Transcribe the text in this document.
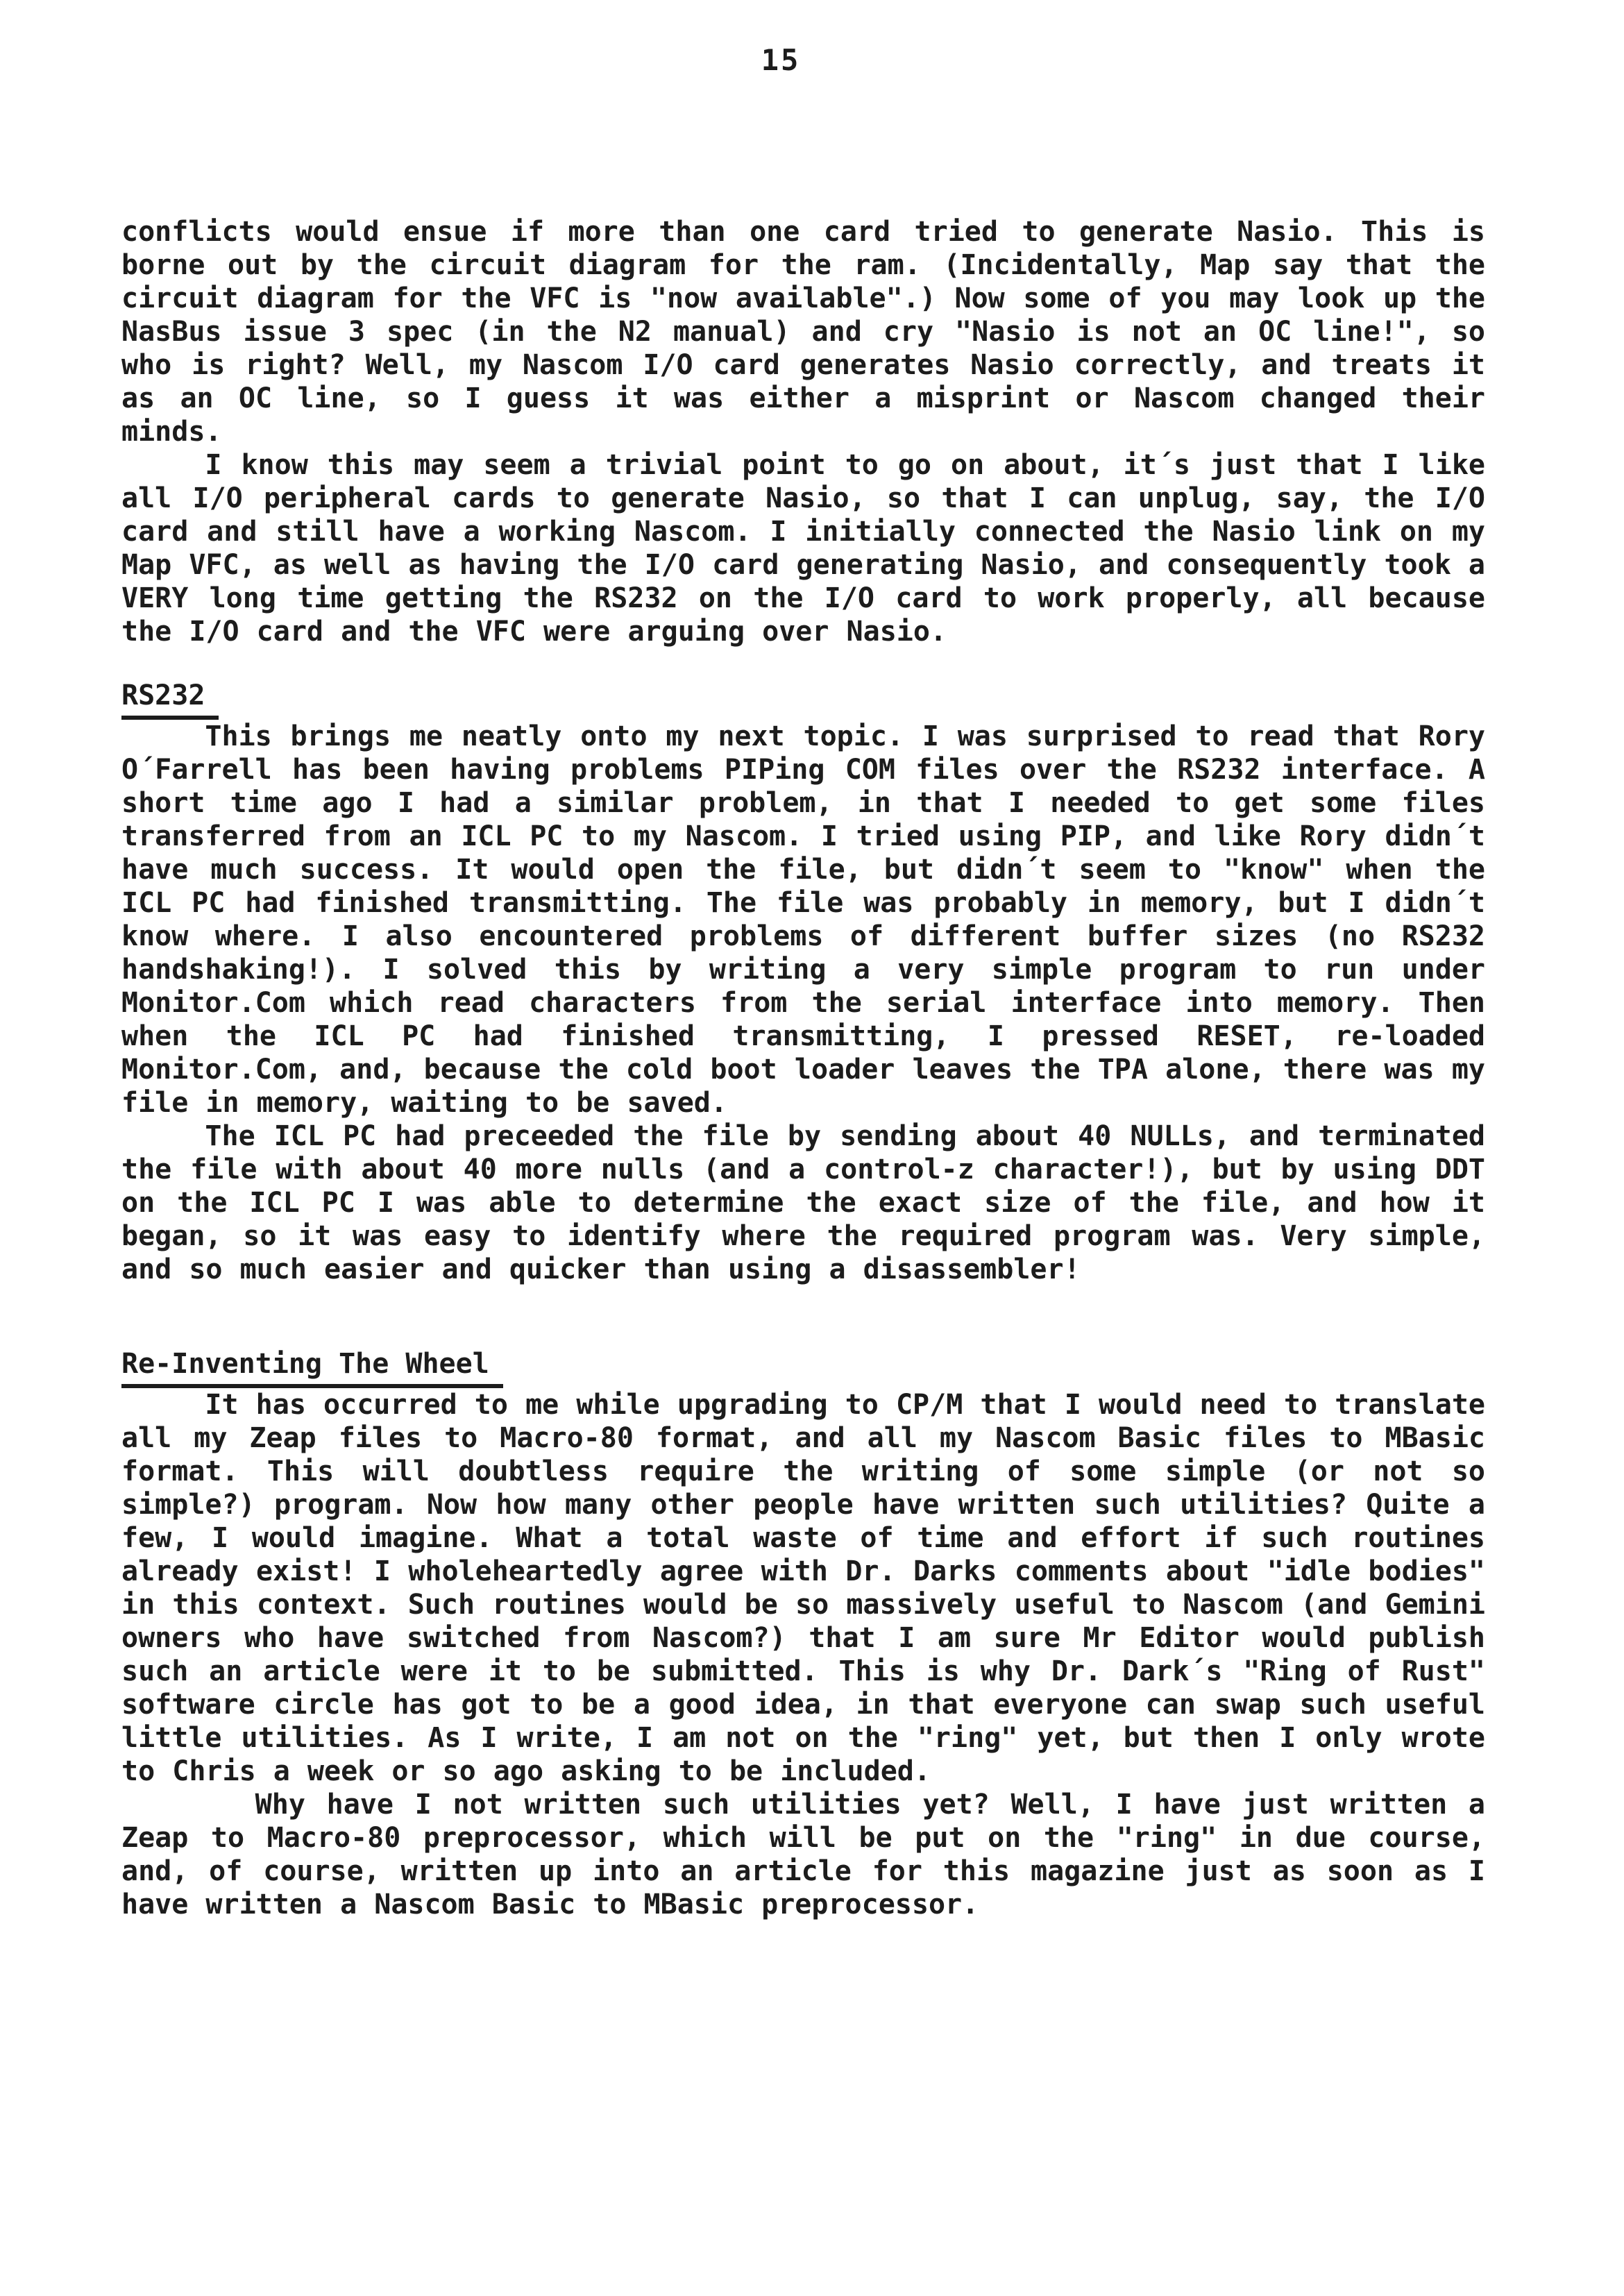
15

conflicts would ensue if more than one card tried to generate Nasio. This is borne out by the circuit diagram for the ram. (Incidentally, Map say that the circuit diagram for the VFC is "now available".) Now some of you may look up the NasBus issue 3 spec (in the N2 manual) and cry "Nasio is not an OC line!", so who is right? Well, my Nascom I/O card generates Nasio correctly, and treats it as an OC line, so I guess it was either a misprint or Nascom changed their minds.

I know this may seem a trivial point to go on about, it´s just that I like all I/O peripheral cards to generate Nasio, so that I can unplug, say, the I/O card and still have a working Nascom. I initially connected the Nasio link on my Map VFC, as well as having the I/O card generating Nasio, and consequently took a VERY long time getting the RS232 on the I/O card to work properly, all because the I/O card and the VFC were arguing over Nasio.

RS232

This brings me neatly onto my next topic. I was surprised to read that Rory O´Farrell has been having problems PIPing COM files over the RS232 interface. A short time ago I had a similar problem, in that I needed to get some files transferred from an ICL PC to my Nascom. I tried using PIP, and like Rory didn´t have much success. It would open the file, but didn´t seem to "know" when the ICL PC had finished transmitting. The file was probably in memory, but I didn´t know where. I also encountered problems of different buffer sizes (no RS232 handshaking!). I solved this by writing a very simple program to run under Monitor.Com which read characters from the serial interface into memory. Then when the ICL PC had finished transmitting, I pressed RESET, re-loaded Monitor.Com, and, because the cold boot loader leaves the TPA alone, there was my file in memory, waiting to be saved.

The ICL PC had preceeded the file by sending about 40 NULLs, and terminated the file with about 40 more nulls (and a control-z character!), but by using DDT on the ICL PC I was able to determine the exact size of the file, and how it began, so it was easy to identify where the required program was. Very simple, and so much easier and quicker than using a disassembler!

Re-Inventing The Wheel

It has occurred to me while upgrading to CP/M that I would need to translate all my Zeap files to Macro-80 format, and all my Nascom Basic files to MBasic format. This will doubtless require the writing of some simple (or not so simple?) program. Now how many other people have written such utilities? Quite a few, I would imagine. What a total waste of time and effort if such routines already exist! I wholeheartedly agree with Dr. Darks comments about "idle bodies" in this context. Such routines would be so massively useful to Nascom (and Gemini owners who have switched from Nascom?) that I am sure Mr Editor would publish such an article were it to be submitted. This is why Dr. Dark´s "Ring of Rust" software circle has got to be a good idea, in that everyone can swap such useful little utilities. As I write, I am not on the "ring" yet, but then I only wrote to Chris a week or so ago asking to be included.

Why have I not written such utilities yet? Well, I have just written a Zeap to Macro-80 preprocessor, which will be put on the "ring" in due course, and, of course, written up into an article for this magazine just as soon as I have written a Nascom Basic to MBasic preprocessor.
